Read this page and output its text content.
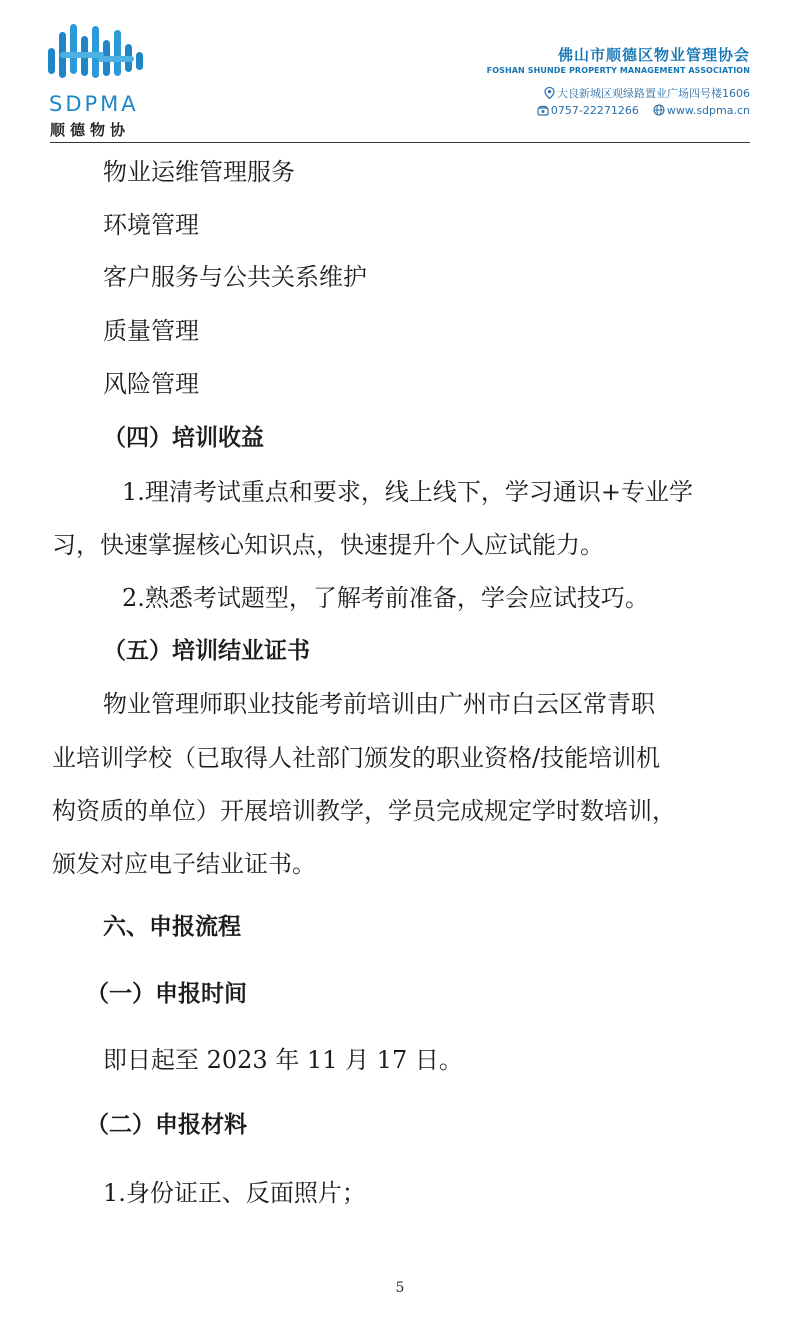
SDPMA
顺德物协
佛山市顺德区物业管理协会
FOSHAN SHUNDE PROPERTY MANAGEMENT ASSOCIATION
大良新城区观绿路置业广场四号楼1606
0757-22271266	www.sdpma.cn
物业运维管理服务
环境管理
客户服务与公共关系维护
质量管理
风险管理
（四）培训收益
1.理清考试重点和要求，线上线下，学习通识+专业学
习，快速掌握核心知识点，快速提升个人应试能力。
2.熟悉考试题型，了解考前准备，学会应试技巧。
（五）培训结业证书
物业管理师职业技能考前培训由广州市白云区常青职
业培训学校（已取得人社部门颁发的职业资格/技能培训机
构资质的单位）开展培训教学，学员完成规定学时数培训，
颁发对应电子结业证书。
六、申报流程
（一）申报时间
即日起至 2023 年 11 月 17 日。
（二）申报材料
1.身份证正、反面照片；
5
